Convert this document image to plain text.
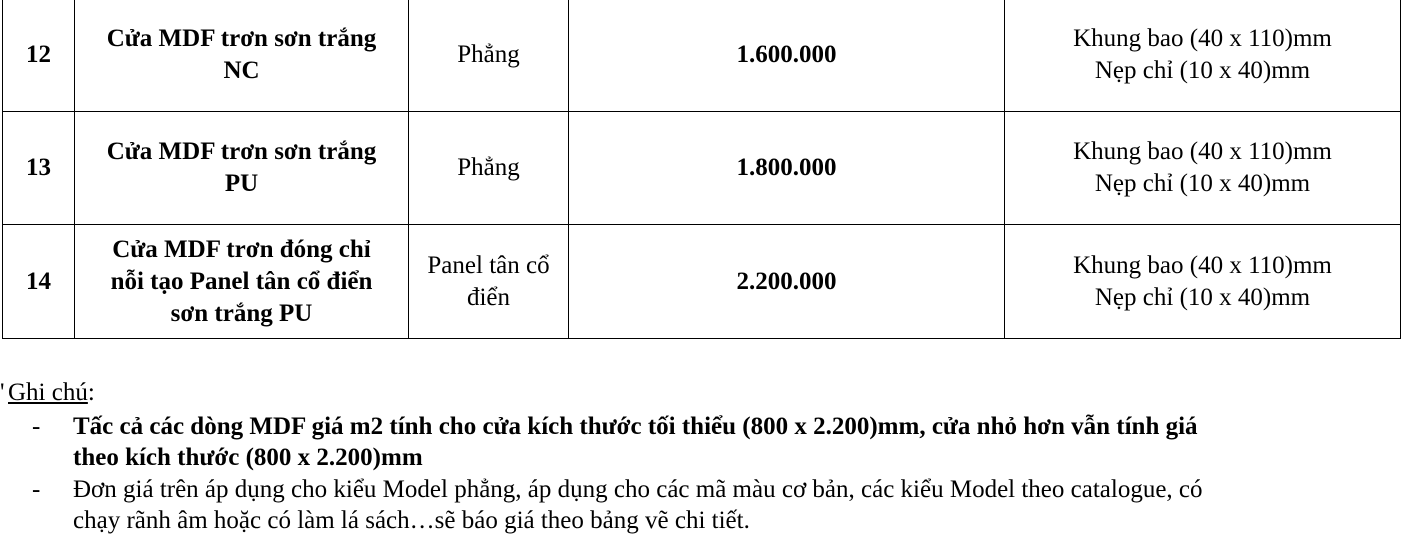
12	Cửa MDF trơn sơn trắng NC	Phẳng	1.600.000	Khung bao (40 x 110)mm
Nẹp chỉ (10 x 40)mm

13	Cửa MDF trơn sơn trắng PU	Phẳng	1.800.000	Khung bao (40 x 110)mm
Nẹp chỉ (10 x 40)mm

14	Cửa MDF trơn đóng chỉ nỗi tạo Panel tân cổ điển sơn trắng PU	Panel tân cổ điển	2.200.000	Khung bao (40 x 110)mm
Nẹp chỉ (10 x 40)mm
' Ghi chú:
- Tấc cả các dòng MDF giá m2 tính cho cửa kích thước tối thiểu (800 x 2.200)mm, cửa nhỏ hơn vẫn tính giá theo kích thước (800 x 2.200)mm
- Đơn giá trên áp dụng cho kiểu Model phẳng, áp dụng cho các mã màu cơ bản, các kiểu Model theo catalogue, có chạy rãnh âm hoặc có làm lá sách…sẽ báo giá theo bảng vẽ chi tiết.
